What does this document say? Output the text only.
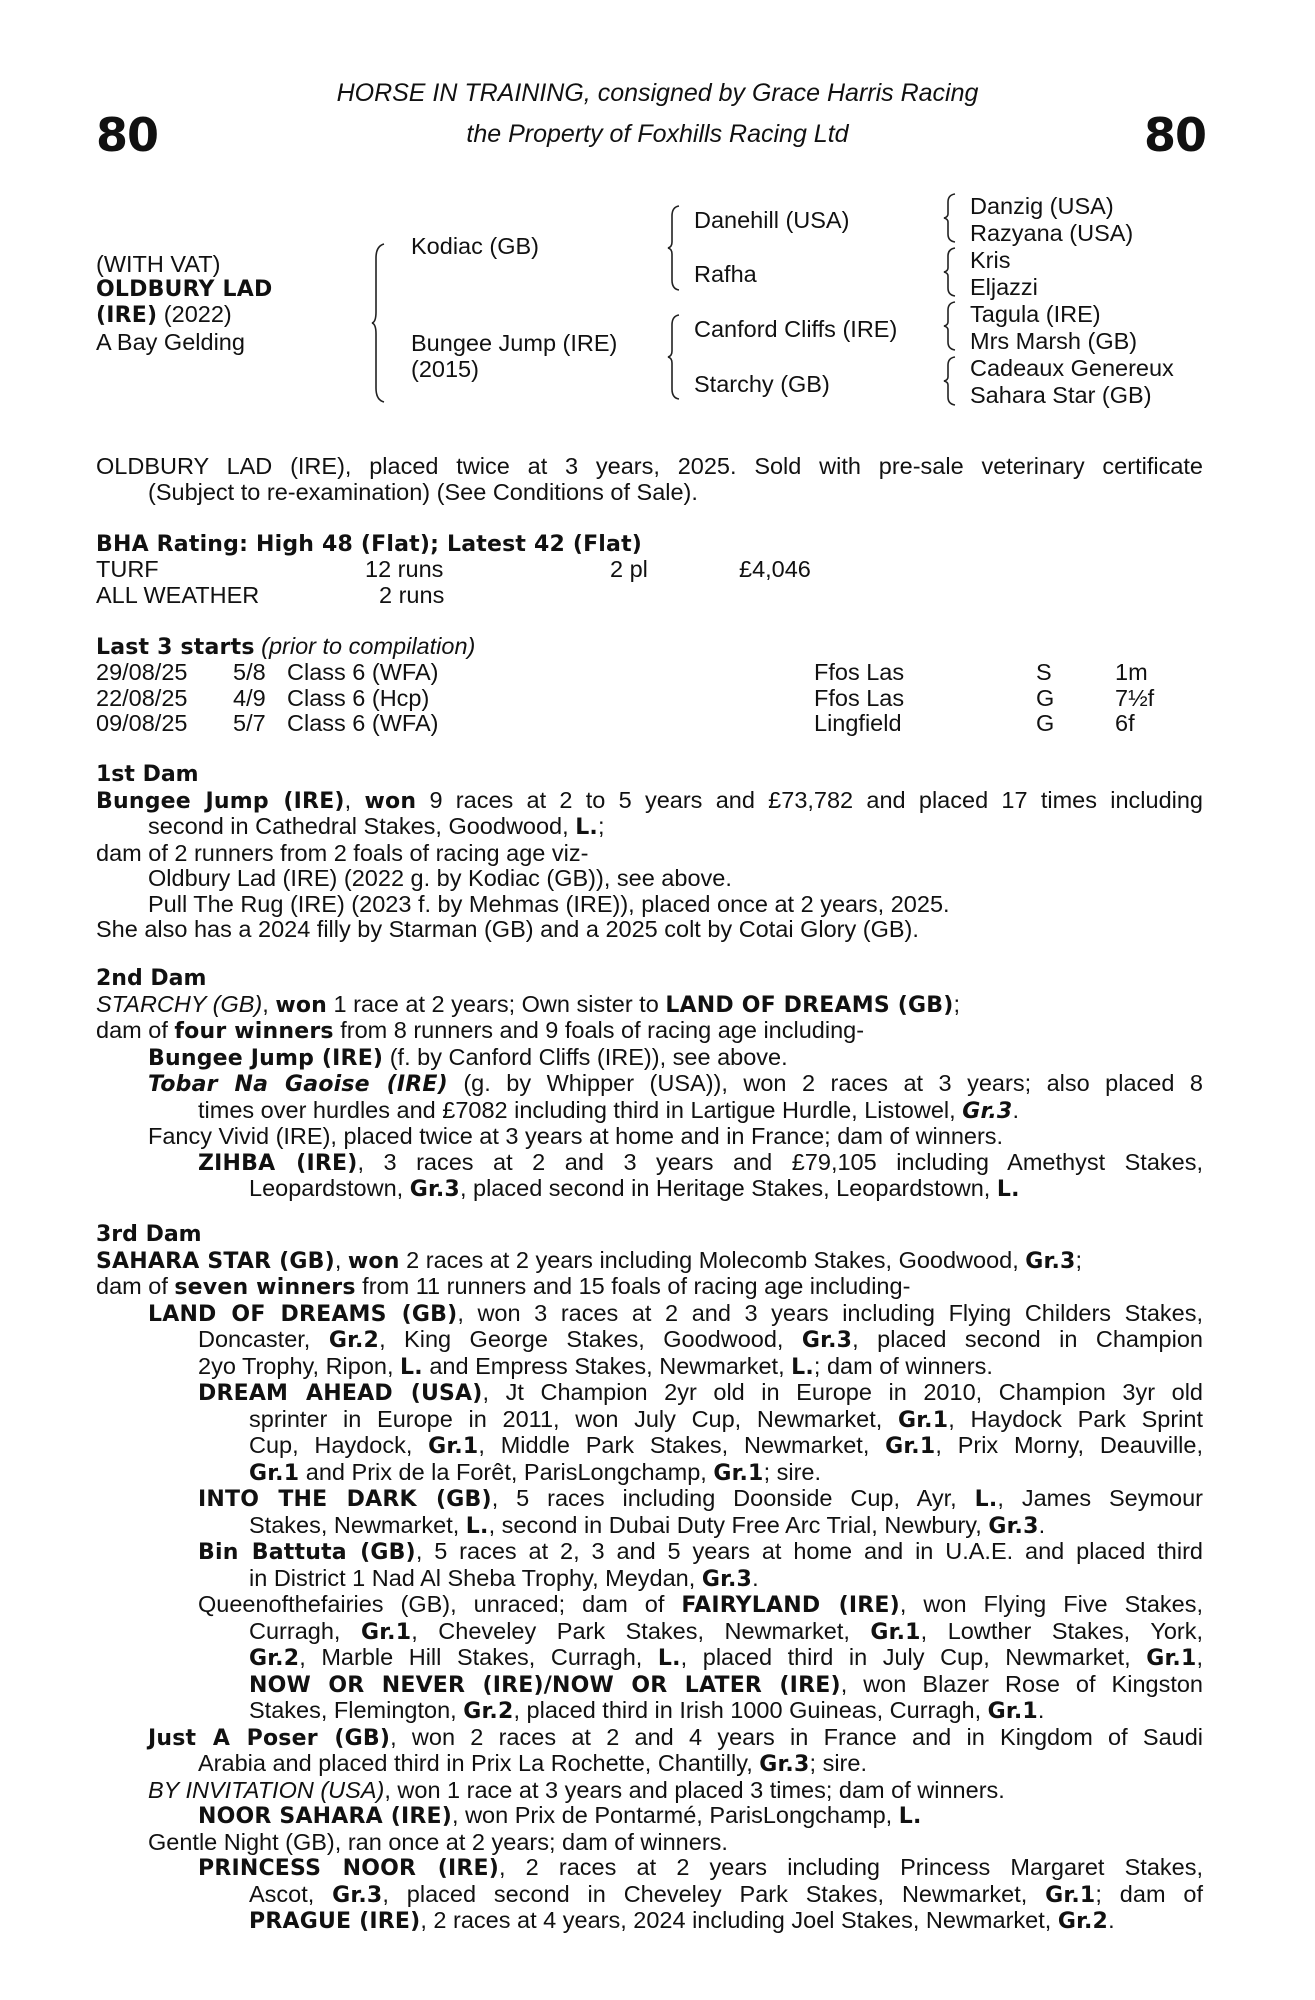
HORSE IN TRAINING, consigned by Grace Harris Racing
the Property of Foxhills Racing Ltd
80	80
(WITH VAT)
OLDBURY LAD
(IRE) (2022)
A Bay Gelding
Kodiac (GB)
Bungee Jump (IRE)
(2015)
Danehill (USA)
Rafha
Canford Cliffs (IRE)
Starchy (GB)
Danzig (USA)
Razyana (USA)
Kris
Eljazzi
Tagula (IRE)
Mrs Marsh (GB)
Cadeaux Genereux
Sahara Star (GB)
OLDBURY LAD (IRE), placed twice at 3 years, 2025. Sold with pre-sale veterinary certificate
(Subject to re-examination) (See Conditions of Sale).
BHA Rating: High 48 (Flat); Latest 42 (Flat)
TURF	12 runs	2 pl	£4,046
ALL WEATHER	2 runs
Last 3 starts (prior to compilation)
29/08/25	5/8	Class 6 (WFA)	Ffos Las	S	1m
22/08/25	4/9	Class 6 (Hcp)	Ffos Las	G	7½f
09/08/25	5/7	Class 6 (WFA)	Lingfield	G	6f
1st Dam
Bungee Jump (IRE), won 9 races at 2 to 5 years and £73,782 and placed 17 times including
second in Cathedral Stakes, Goodwood, L.;
dam of 2 runners from 2 foals of racing age viz-
Oldbury Lad (IRE) (2022 g. by Kodiac (GB)), see above.
Pull The Rug (IRE) (2023 f. by Mehmas (IRE)), placed once at 2 years, 2025.
She also has a 2024 filly by Starman (GB) and a 2025 colt by Cotai Glory (GB).
2nd Dam
STARCHY (GB), won 1 race at 2 years; Own sister to LAND OF DREAMS (GB);
dam of four winners from 8 runners and 9 foals of racing age including-
Bungee Jump (IRE) (f. by Canford Cliffs (IRE)), see above.
Tobar Na Gaoise (IRE) (g. by Whipper (USA)), won 2 races at 3 years; also placed 8
times over hurdles and £7082 including third in Lartigue Hurdle, Listowel, Gr.3.
Fancy Vivid (IRE), placed twice at 3 years at home and in France; dam of winners.
ZIHBA (IRE), 3 races at 2 and 3 years and £79,105 including Amethyst Stakes,
Leopardstown, Gr.3, placed second in Heritage Stakes, Leopardstown, L.
3rd Dam
SAHARA STAR (GB), won 2 races at 2 years including Molecomb Stakes, Goodwood, Gr.3;
dam of seven winners from 11 runners and 15 foals of racing age including-
LAND OF DREAMS (GB), won 3 races at 2 and 3 years including Flying Childers Stakes,
Doncaster, Gr.2, King George Stakes, Goodwood, Gr.3, placed second in Champion
2yo Trophy, Ripon, L. and Empress Stakes, Newmarket, L.; dam of winners.
DREAM AHEAD (USA), Jt Champion 2yr old in Europe in 2010, Champion 3yr old
sprinter in Europe in 2011, won July Cup, Newmarket, Gr.1, Haydock Park Sprint
Cup, Haydock, Gr.1, Middle Park Stakes, Newmarket, Gr.1, Prix Morny, Deauville,
Gr.1 and Prix de la Forêt, ParisLongchamp, Gr.1; sire.
INTO THE DARK (GB), 5 races including Doonside Cup, Ayr, L., James Seymour
Stakes, Newmarket, L., second in Dubai Duty Free Arc Trial, Newbury, Gr.3.
Bin Battuta (GB), 5 races at 2, 3 and 5 years at home and in U.A.E. and placed third
in District 1 Nad Al Sheba Trophy, Meydan, Gr.3.
Queenofthefairies (GB), unraced; dam of FAIRYLAND (IRE), won Flying Five Stakes,
Curragh, Gr.1, Cheveley Park Stakes, Newmarket, Gr.1, Lowther Stakes, York,
Gr.2, Marble Hill Stakes, Curragh, L., placed third in July Cup, Newmarket, Gr.1,
NOW OR NEVER (IRE)/NOW OR LATER (IRE), won Blazer Rose of Kingston
Stakes, Flemington, Gr.2, placed third in Irish 1000 Guineas, Curragh, Gr.1.
Just A Poser (GB), won 2 races at 2 and 4 years in France and in Kingdom of Saudi
Arabia and placed third in Prix La Rochette, Chantilly, Gr.3; sire.
BY INVITATION (USA), won 1 race at 3 years and placed 3 times; dam of winners.
NOOR SAHARA (IRE), won Prix de Pontarmé, ParisLongchamp, L.
Gentle Night (GB), ran once at 2 years; dam of winners.
PRINCESS NOOR (IRE), 2 races at 2 years including Princess Margaret Stakes,
Ascot, Gr.3, placed second in Cheveley Park Stakes, Newmarket, Gr.1; dam of
PRAGUE (IRE), 2 races at 4 years, 2024 including Joel Stakes, Newmarket, Gr.2.
